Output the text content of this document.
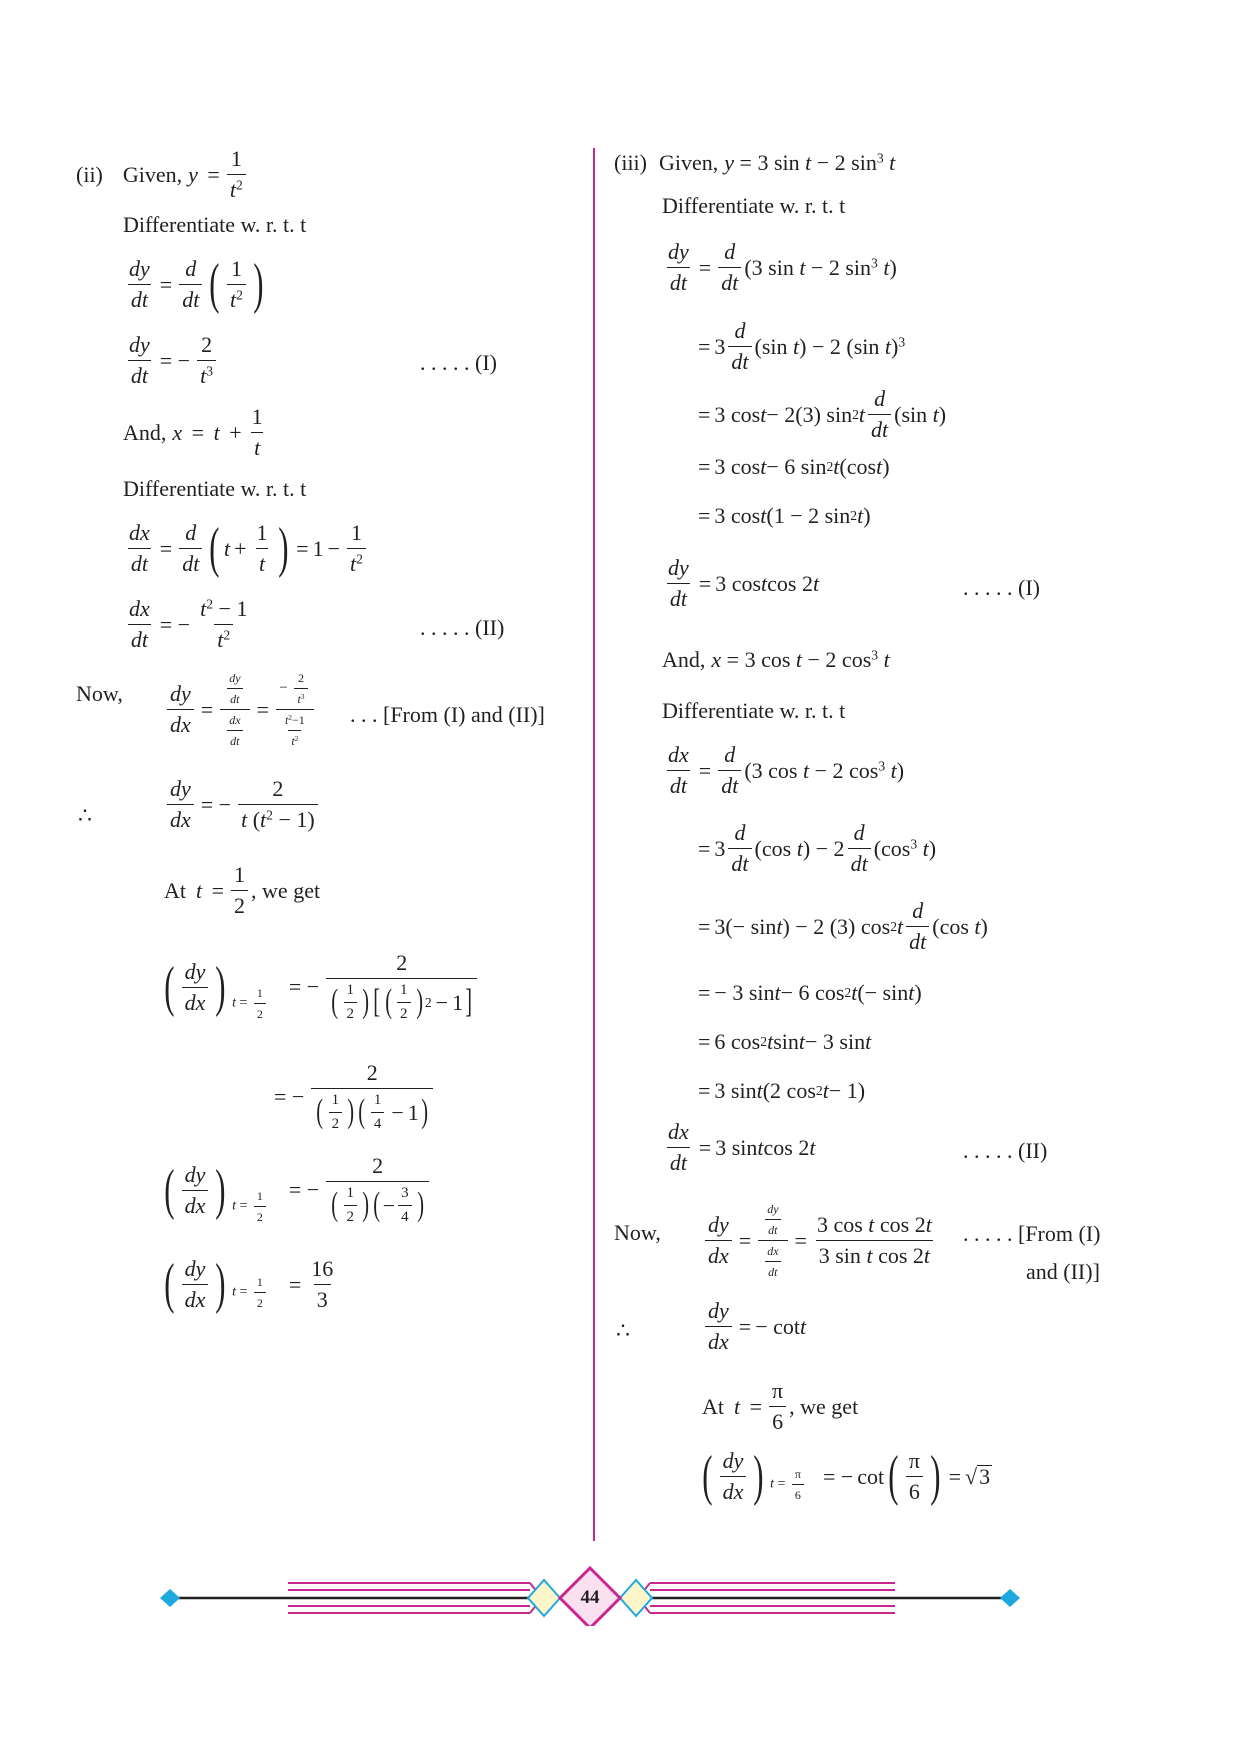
(ii) Given, $y = \frac{1}{t^2}$
Differentiate w. r. t. t
$\frac{dy}{dt} = \frac{d}{dt}$ ( $\frac{1}{t^2}$ )
$\frac{dy}{dt}$ = − $\frac{2}{t^3}$	. . . . . (I)
And, $x = t + \frac{1}{t}$
Differentiate w. r. t. t
$\frac{dx}{dt} = \frac{d}{dt}$ ( $t + \frac{1}{t}$ ) = $1 - \frac{1}{t^2}$
$\frac{dx}{dt}$ = − $\frac{t^2 - 1}{t^2}$	. . . . . (II)
Now, $\frac{dy}{dx} = \frac{\frac{dy}{dt}}{\frac{dx}{dt}} = \frac{- \frac{2}{t^3}}{\frac{t^2-1}{t^2}}$ . . . [From (I) and (II)]
∴	$\frac{dy}{dx}$ = − $\frac{2}{t (t^2 - 1)}$
At $t = \frac{1}{2}$ , we get
( $\frac{dy}{dx}$ ) $t = \frac{1}{2}$
= − $\frac{2}{( \frac{1}{2} ) [ ( \frac{1}{2} ) 2 - 1 ]}$
= − $\frac{2}{( \frac{1}{2} ) ( \frac{1}{4} - 1 )}$
( $\frac{dy}{dx}$ ) $t = \frac{1}{2}$
= − $\frac{2}{( \frac{1}{2} ) ( - \frac{3}{4} )}$
( $\frac{dy}{dx}$ ) $t = \frac{1}{2} = \frac{16}{3}$
(iii) Given, y = 3 sin t − 2 $\sin^3 t$
Differentiate w. r. t. t
$\frac{dy}{dt} = \frac{d}{dt} (3$ sin t − 2 $\sin^3 t$)
= $3 \frac{d}{dt} (\sin$ t) − 2 (sin t)$^3$
= 3 cos t − 2(3) sin 2 t $\frac{d}{dt} (\sin$ t)
= 3 cos t − 6 sin 2 t (cos t )
= 3 cos t (1 − 2 sin 2 t )
$\frac{dy}{dt} = 3$ cos t cos 2 t	. . . . . (I)
And, x = 3 cos t − 2 $\cos^3 t$
Differentiate w. r. t. t
$\frac{dx}{dt} = \frac{d}{dt} (3$ cos t − 2 $\cos^3 t$)
= $3 \frac{d}{dt} (\cos$ $t) - 2 \frac{d}{dt} (\cos^3$ t)
= 3(− sin t ) − 2 (3) cos 2 t $\frac{d}{dt} (\cos$ t)
= − 3 sin t − 6 cos 2 t (− sin t )
= 6 cos 2 t sin t − 3 sin t
= 3 sin t (2 cos 2 t − 1)
$\frac{dx}{dt} = 3$ sin t cos 2 t	. . . . . (II)
Now, $\frac{dy}{dx} = \frac{\frac{dy}{dt}}{\frac{dx}{dt}} = \frac{\text{3 cos t cos 2t}}{\text{3 sin t cos 2t}}$ . . . . . [From (I)
and (II)]
∴	$\frac{dy}{dx}$ = − cot t
At $t = \frac{\pi}{6}$ , we get
( $\frac{dy}{dx}$ ) $t = \frac{\pi}{6}$ = − cot ( $\frac{\pi}{6}$ ) = √ 3
44
